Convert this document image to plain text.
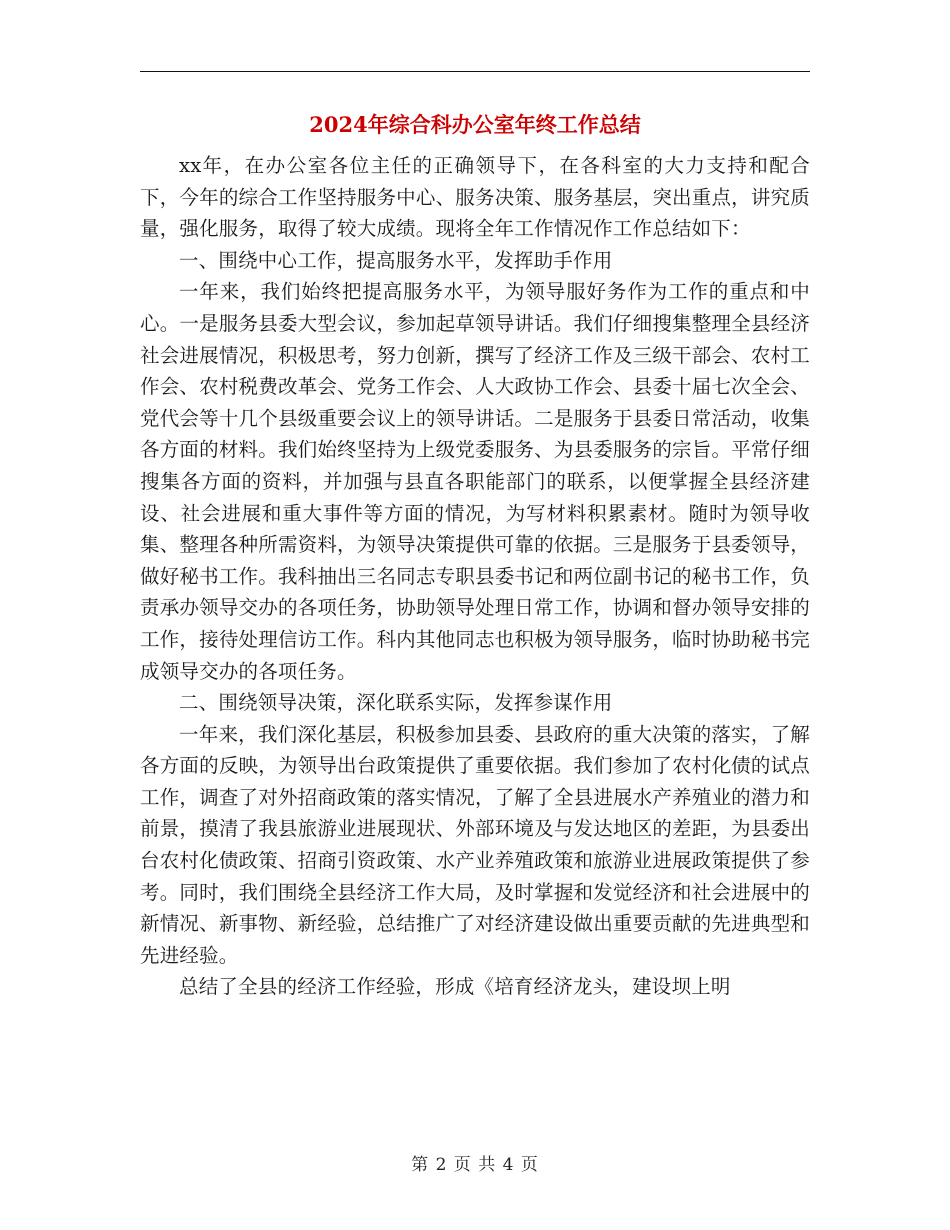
2024年综合科办公室年终工作总结

xx年，在办公室各位主任的正确领导下，在各科室的大力支持和配合下，今年的综合工作坚持服务中心、服务决策、服务基层，突出重点，讲究质量，强化服务，取得了较大成绩。现将全年工作情况作工作总结如下：

一、围绕中心工作，提高服务水平，发挥助手作用

一年来，我们始终把提高服务水平，为领导服好务作为工作的重点和中心。一是服务县委大型会议，参加起草领导讲话。我们仔细搜集整理全县经济社会进展情况，积极思考，努力创新，撰写了经济工作及三级干部会、农村工作会、农村税费改革会、党务工作会、人大政协工作会、县委十届七次全会、党代会等十几个县级重要会议上的领导讲话。二是服务于县委日常活动，收集各方面的材料。我们始终坚持为上级党委服务、为县委服务的宗旨。平常仔细搜集各方面的资料，并加强与县直各职能部门的联系，以便掌握全县经济建设、社会进展和重大事件等方面的情况，为写材料积累素材。随时为领导收集、整理各种所需资料，为领导决策提供可靠的依据。三是服务于县委领导，做好秘书工作。我科抽出三名同志专职县委书记和两位副书记的秘书工作，负责承办领导交办的各项任务，协助领导处理日常工作，协调和督办领导安排的工作，接待处理信访工作。科内其他同志也积极为领导服务，临时协助秘书完成领导交办的各项任务。

二、围绕领导决策，深化联系实际，发挥参谋作用

一年来，我们深化基层，积极参加县委、县政府的重大决策的落实，了解各方面的反映，为领导出台政策提供了重要依据。我们参加了农村化债的试点工作，调查了对外招商政策的落实情况，了解了全县进展水产养殖业的潜力和前景，摸清了我县旅游业进展现状、外部环境及与发达地区的差距，为县委出台农村化债政策、招商引资政策、水产业养殖政策和旅游业进展政策提供了参考。同时，我们围绕全县经济工作大局，及时掌握和发觉经济和社会进展中的新情况、新事物、新经验，总结推广了对经济建设做出重要贡献的先进典型和先进经验。

总结了全县的经济工作经验，形成《培育经济龙头，建设坝上明

第 2 页 共 4 页
